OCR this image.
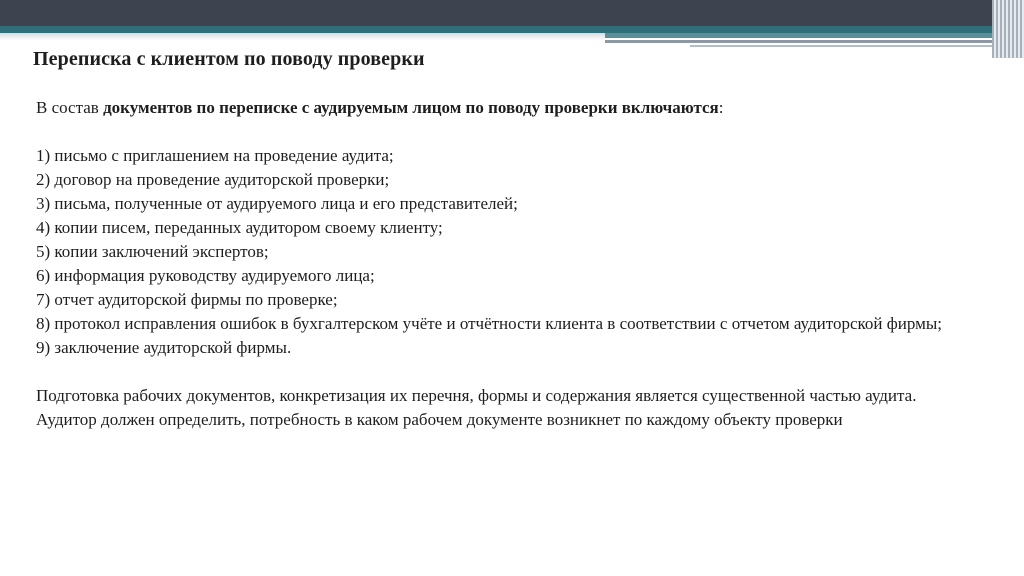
Переписка с клиентом по поводу проверки
В состав документов по переписке с аудируемым лицом по поводу проверки включаются:
1) письмо с приглашением на проведение аудита;
2) договор на проведение аудиторской проверки;
3) письма, полученные от аудируемого лица и его представителей;
4) копии писем, переданных аудитором своему клиенту;
5) копии заключений экспертов;
6) информация руководству аудируемого лица;
7) отчет аудиторской фирмы по проверке;
8) протокол исправления ошибок в бухгалтерском учёте и отчётности клиента в соответствии с отчетом аудиторской фирмы;
9) заключение аудиторской фирмы.
Подготовка рабочих документов, конкретизация их перечня, формы и содержания является существенной частью аудита. Аудитор должен определить, потребность в каком рабочем документе возникнет по каждому объекту проверки
